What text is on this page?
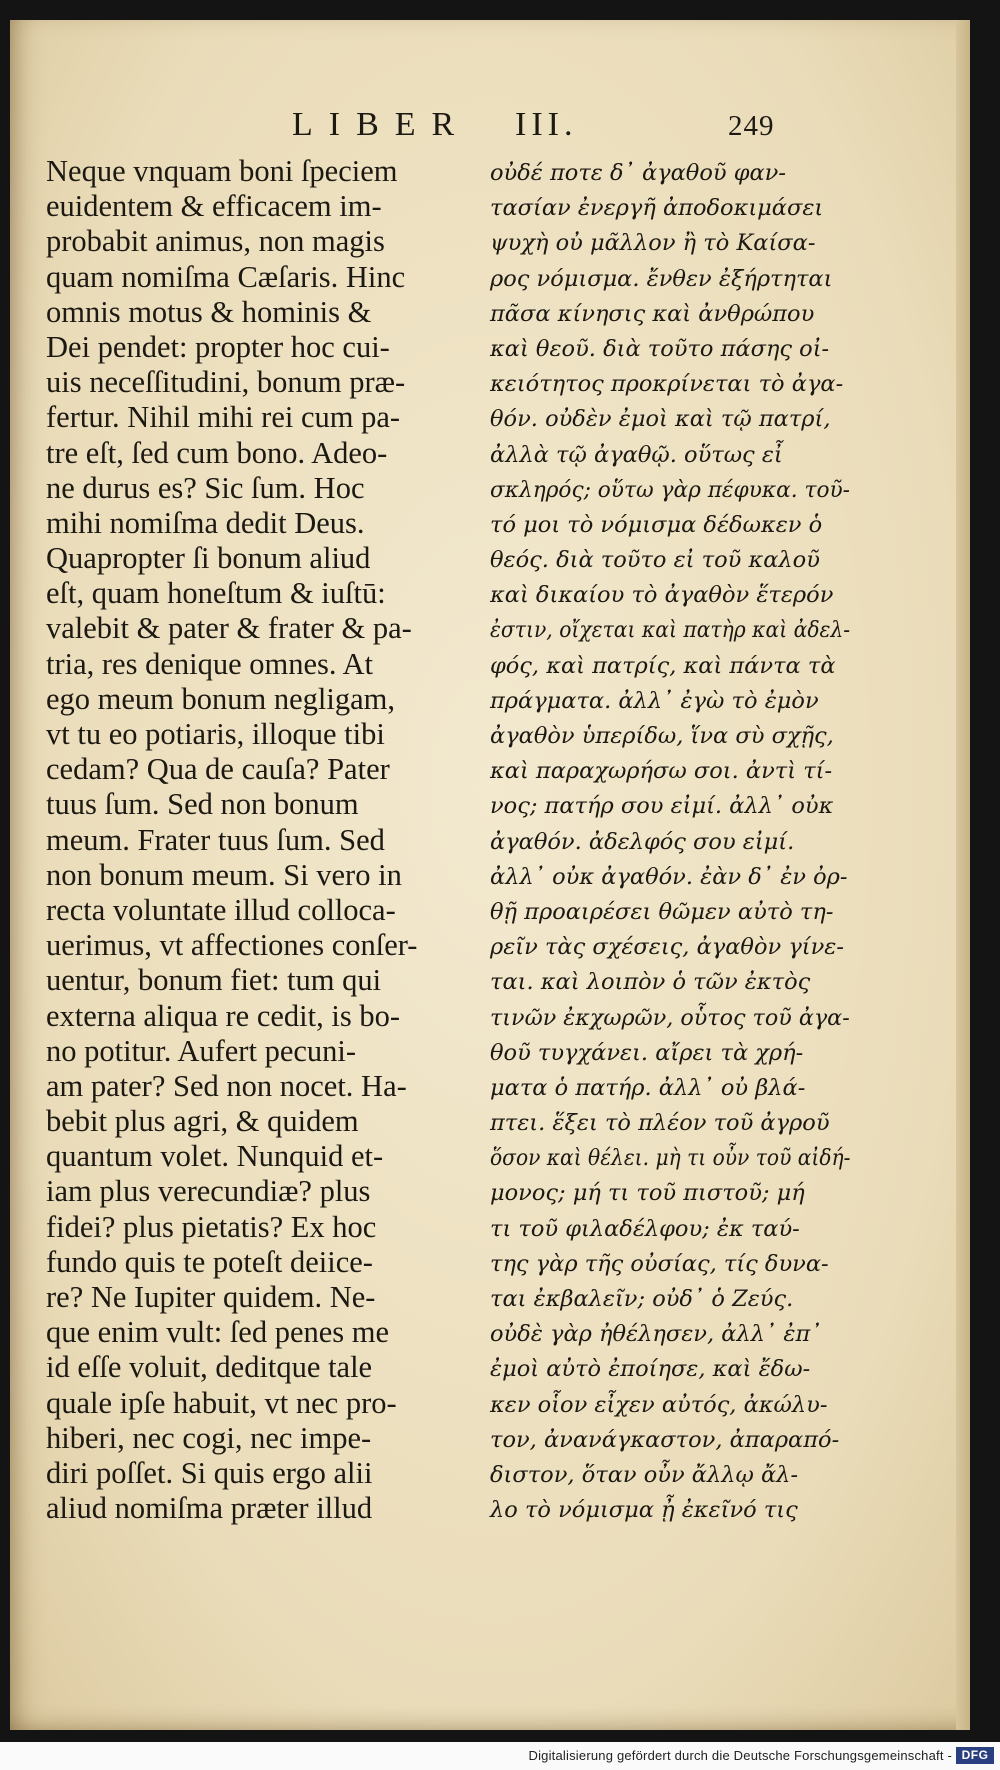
LIBER III.	249
Neque vnquam boni ſpeciem
euidentem & efficacem im-
probabit animus, non magis
quam nomiſma Cæſaris. Hinc
omnis motus & hominis &
Dei pendet: propter hoc cui-
uis neceſſitudini, bonum præ-
fertur. Nihil mihi rei cum pa-
tre eſt, ſed cum bono. Adeo-
ne durus es? Sic ſum. Hoc
mihi nomiſma dedit Deus.
Quapropter ſi bonum aliud
eſt, quam honeſtum & iuſtū:
valebit & pater & frater & pa-
tria, res denique omnes. At
ego meum bonum negligam,
vt tu eo potiaris, illoque tibi
cedam? Qua de cauſa? Pater
tuus ſum. Sed non bonum
meum. Frater tuus ſum. Sed
non bonum meum. Si vero in
recta voluntate illud colloca-
uerimus, vt affectiones conſer-
uentur, bonum fiet: tum qui
externa aliqua re cedit, is bo-
no potitur. Aufert pecuni-
am pater? Sed non nocet. Ha-
bebit plus agri, & quidem
quantum volet. Nunquid et-
iam plus verecundiæ? plus
fidei? plus pietatis? Ex hoc
fundo quis te poteſt deiice-
re? Ne Iupiter quidem. Ne-
que enim vult: ſed penes me
id eſſe voluit, deditque tale
quale ipſe habuit, vt nec pro-
hiberi, nec cogi, nec impe-
diri poſſet. Si quis ergo alii
aliud nomiſma præter illud
οὐδέ ποτε δ᾽ ἀγαθοῦ φαν-
τασίαν ἐνεργῆ ἀποδοκιμάσει
ψυχὴ οὐ μᾶλλον ἢ τὸ Καίσα-
ρος νόμισμα. ἔνθεν ἐξήρτηται
πᾶσα κίνησις καὶ ἀνθρώπου
καὶ θεοῦ. διὰ τοῦτο πάσης οἰ-
κειότητος προκρίνεται τὸ ἀγα-
θόν. οὐδὲν ἐμοὶ καὶ τῷ πατρί,
ἀλλὰ τῷ ἀγαθῷ. οὕτως εἶ
σκληρός; οὕτω γὰρ πέφυκα. τοῦ-
τό μοι τὸ νόμισμα δέδωκεν ὁ
θεός. διὰ τοῦτο εἰ τοῦ καλοῦ
καὶ δικαίου τὸ ἀγαθὸν ἕτερόν
ἐστιν, οἴχεται καὶ πατὴρ καὶ ἀδελ-
φός, καὶ πατρίς, καὶ πάντα τὰ
πράγματα. ἀλλ᾽ ἐγὼ τὸ ἐμὸν
ἀγαθὸν ὑπερίδω, ἵνα σὺ σχῇς,
καὶ παραχωρήσω σοι. ἀντὶ τί-
νος; πατήρ σου εἰμί. ἀλλ᾽ οὐκ
ἀγαθόν. ἀδελφός σου εἰμί.
ἀλλ᾽ οὐκ ἀγαθόν. ἐὰν δ᾽ ἐν ὀρ-
θῇ προαιρέσει θῶμεν αὐτὸ τη-
ρεῖν τὰς σχέσεις, ἀγαθὸν γίνε-
ται. καὶ λοιπὸν ὁ τῶν ἐκτὸς
τινῶν ἐκχωρῶν, οὗτος τοῦ ἀγα-
θοῦ τυγχάνει. αἴρει τὰ χρή-
ματα ὁ πατήρ. ἀλλ᾽ οὐ βλά-
πτει. ἕξει τὸ πλέον τοῦ ἀγροῦ
ὅσον καὶ θέλει. μὴ τι οὖν τοῦ αἰδή-
μονος; μή τι τοῦ πιστοῦ; μή
τι τοῦ φιλαδέλφου; ἐκ ταύ-
της γὰρ τῆς οὐσίας, τίς δυνα-
ται ἐκβαλεῖν; οὐδ᾽ ὁ Ζεύς.
οὐδὲ γὰρ ἠθέλησεν, ἀλλ᾽ ἐπ᾽
ἐμοὶ αὐτὸ ἐποίησε, καὶ ἔδω-
κεν οἷον εἶχεν αὐτός, ἀκώλυ-
τον, ἀνανάγκαστον, ἀπαραπό-
διστον, ὅταν οὖν ἄλλῳ ἄλ-
λο τὸ νόμισμα ᾖ ἐκεῖνό τις
Digitalisierung gefördert durch die Deutsche Forschungsgemeinschaft - DFG
